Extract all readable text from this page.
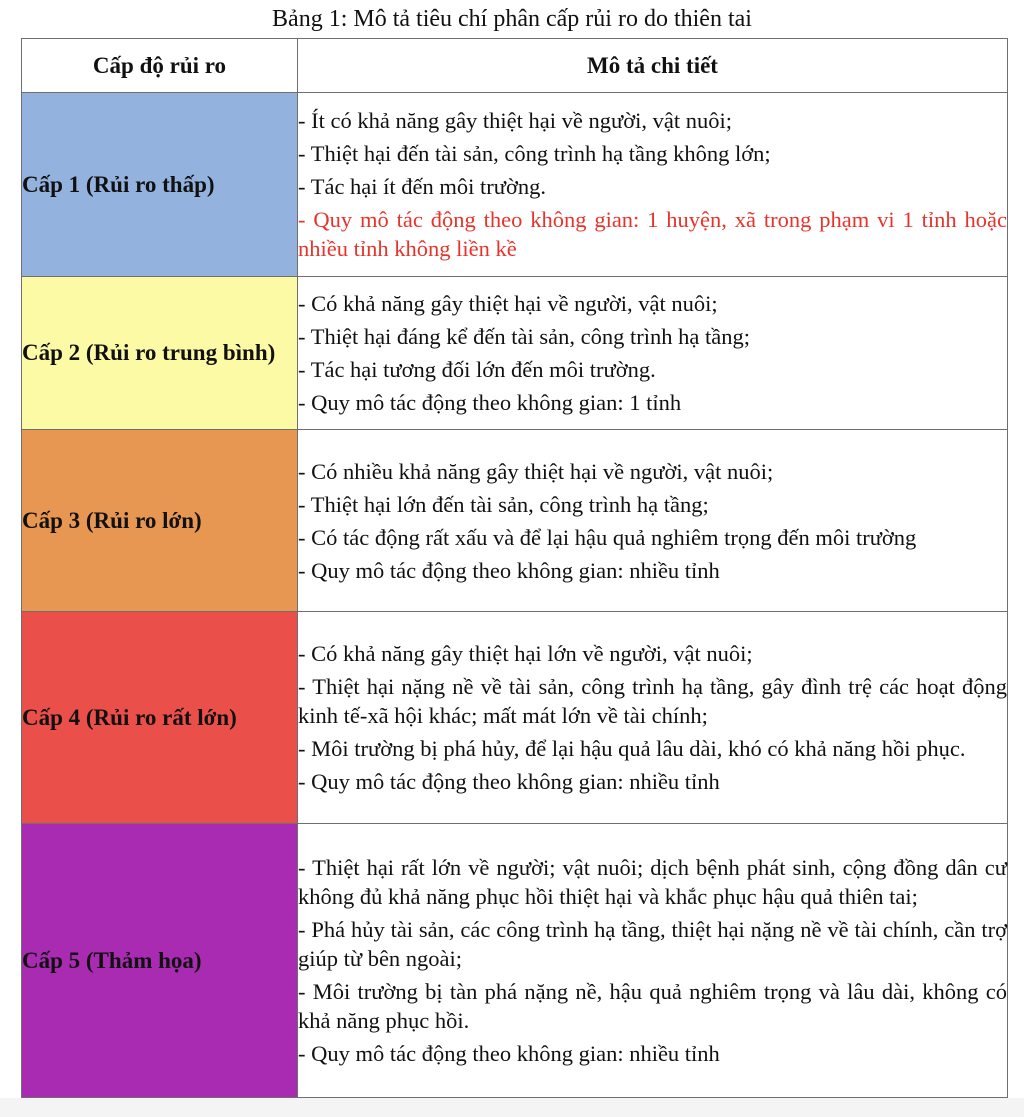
Bảng 1: Mô tả tiêu chí phân cấp rủi ro do thiên tai
Cấp độ rủi ro	Mô tả chi tiết
Cấp 1 (Rủi ro thấp)	- Ít có khả năng gây thiệt hại về người, vật nuôi;
- Thiệt hại đến tài sản, công trình hạ tầng không lớn;
- Tác hại ít đến môi trường.
- Quy mô tác động theo không gian: 1 huyện, xã trong phạm vi 1 tỉnh hoặc nhiều tỉnh không liền kề

Cấp 2 (Rủi ro trung bình)	- Có khả năng gây thiệt hại về người, vật nuôi;
- Thiệt hại đáng kể đến tài sản, công trình hạ tầng;
- Tác hại tương đối lớn đến môi trường.
- Quy mô tác động theo không gian: 1 tỉnh

Cấp 3 (Rủi ro lớn)	- Có nhiều khả năng gây thiệt hại về người, vật nuôi;
- Thiệt hại lớn đến tài sản, công trình hạ tầng;
- Có tác động rất xấu và để lại hậu quả nghiêm trọng đến môi trường
- Quy mô tác động theo không gian: nhiều tỉnh

Cấp 4 (Rủi ro rất lớn)	- Có khả năng gây thiệt hại lớn về người, vật nuôi;
- Thiệt hại nặng nề về tài sản, công trình hạ tầng, gây đình trệ các hoạt động kinh tế-xã hội khác; mất mát lớn về tài chính;
- Môi trường bị phá hủy, để lại hậu quả lâu dài, khó có khả năng hồi phục.
- Quy mô tác động theo không gian: nhiều tỉnh

Cấp 5 (Thảm họa)	- Thiệt hại rất lớn về người; vật nuôi; dịch bệnh phát sinh, cộng đồng dân cư không đủ khả năng phục hồi thiệt hại và khắc phục hậu quả thiên tai;
- Phá hủy tài sản, các công trình hạ tầng, thiệt hại nặng nề về tài chính, cần trợ giúp từ bên ngoài;
- Môi trường bị tàn phá nặng nề, hậu quả nghiêm trọng và lâu dài, không có khả năng phục hồi.
- Quy mô tác động theo không gian: nhiều tỉnh
